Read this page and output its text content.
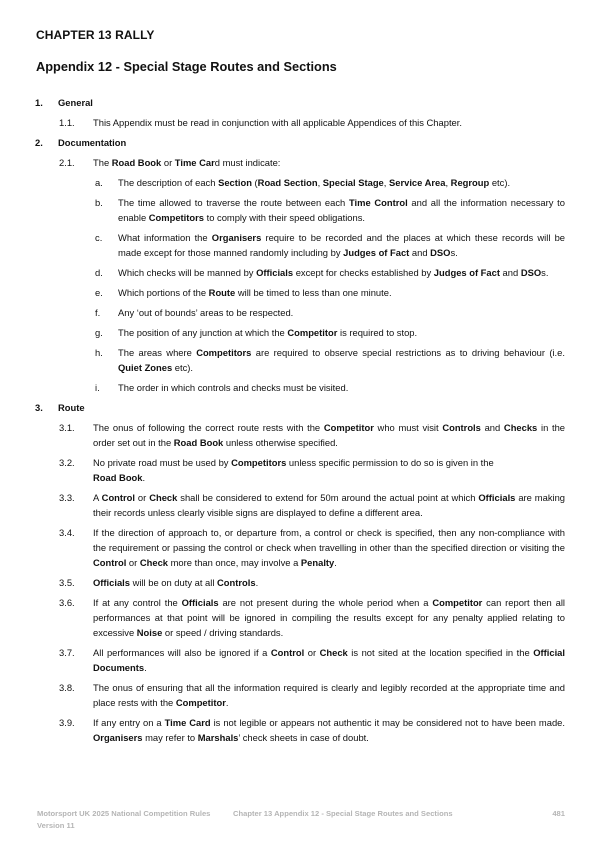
CHAPTER 13 RALLY
Appendix 12 - Special Stage Routes and Sections
1.	General
1.1.	This Appendix must be read in conjunction with all applicable Appendices of this Chapter.
2.	Documentation
2.1.	The Road Book or Time Card must indicate:
a.	The description of each Section (Road Section, Special Stage, Service Area, Regroup etc).
b.	The time allowed to traverse the route between each Time Control and all the information necessary to enable Competitors to comply with their speed obligations.
c.	What information the Organisers require to be recorded and the places at which these records will be made except for those manned randomly including by Judges of Fact and DSOs.
d.	Which checks will be manned by Officials except for checks established by Judges of Fact and DSOs.
e.	Which portions of the Route will be timed to less than one minute.
f.	Any ‘out of bounds’ areas to be respected.
g.	The position of any junction at which the Competitor is required to stop.
h.	The areas where Competitors are required to observe special restrictions as to driving behaviour (i.e. Quiet Zones etc).
i.	The order in which controls and checks must be visited.
3.	Route
3.1.	The onus of following the correct route rests with the Competitor who must visit Controls and Checks in the order set out in the Road Book unless otherwise specified.
3.2.	No private road must be used by Competitors unless specific permission to do so is given in the
Road Book.
3.3.	A Control or Check shall be considered to extend for 50m around the actual point at which Officials are making their records unless clearly visible signs are displayed to define a different area.
3.4.	If the direction of approach to, or departure from, a control or check is specified, then any non-compliance with the requirement or passing the control or check when travelling in other than the specified direction or visiting the Control or Check more than once, may involve a Penalty.
3.5.	Officials will be on duty at all Controls.
3.6.	If at any control the Officials are not present during the whole period when a Competitor can report then all performances at that point will be ignored in compiling the results except for any penalty applied relating to excessive Noise or speed / driving standards.
3.7.	All performances will also be ignored if a Control or Check is not sited at the location specified in the Official Documents.
3.8.	The onus of ensuring that all the information required is clearly and legibly recorded at the appropriate time and place rests with the Competitor.
3.9.	If any entry on a Time Card is not legible or appears not authentic it may be considered not to have been made. Organisers may refer to Marshals’ check sheets in case of doubt.
Motorsport UK 2025 National Competition Rules
Version 11
Chapter 13 Appendix 12 - Special Stage Routes and Sections	481
